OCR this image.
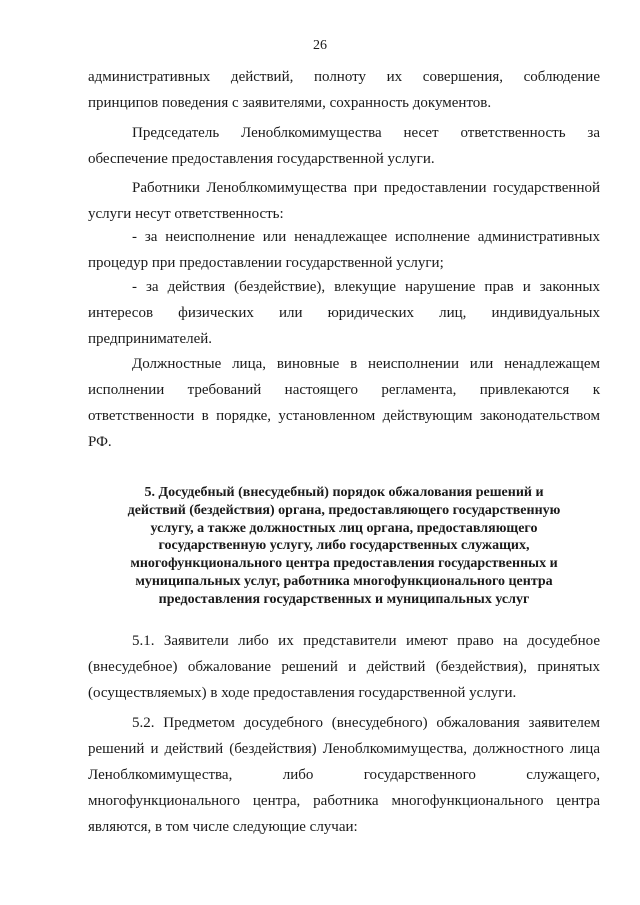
26

административных действий, полноту их совершения, соблюдение

принципов поведения с заявителями, сохранность документов.

Председатель Леноблкомимущества несет ответственность за

обеспечение предоставления государственной услуги.

Работники Леноблкомимущества при предоставлении государственной

услуги несут ответственность:

- за неисполнение или ненадлежащее исполнение административных

процедур при предоставлении государственной услуги;

- за действия (бездействие), влекущие нарушение прав и законных

интересов физических или юридических лиц, индивидуальных

предпринимателей.

Должностные лица, виновные в неисполнении или ненадлежащем

исполнении требований настоящего регламента, привлекаются к

ответственности в порядке, установленном действующим законодательством

РФ.

5. Досудебный (внесудебный) порядок обжалования решений и
действий (бездействия) органа, предоставляющего государственную
услугу, а также должностных лиц органа, предоставляющего
государственную услугу, либо государственных служащих,
многофункционального центра предоставления государственных и
муниципальных услуг, работника многофункционального центра
предоставления государственных и муниципальных услуг

5.1. Заявители либо их представители имеют право на досудебное

(внесудебное) обжалование решений и действий (бездействия), принятых

(осуществляемых) в ходе предоставления государственной услуги.

5.2. Предметом досудебного (внесудебного) обжалования заявителем

решений и действий (бездействия) Леноблкомимущества, должностного лица

Леноблкомимущества, либо государственного служащего,

многофункционального центра, работника многофункционального центра

являются, в том числе следующие случаи:
